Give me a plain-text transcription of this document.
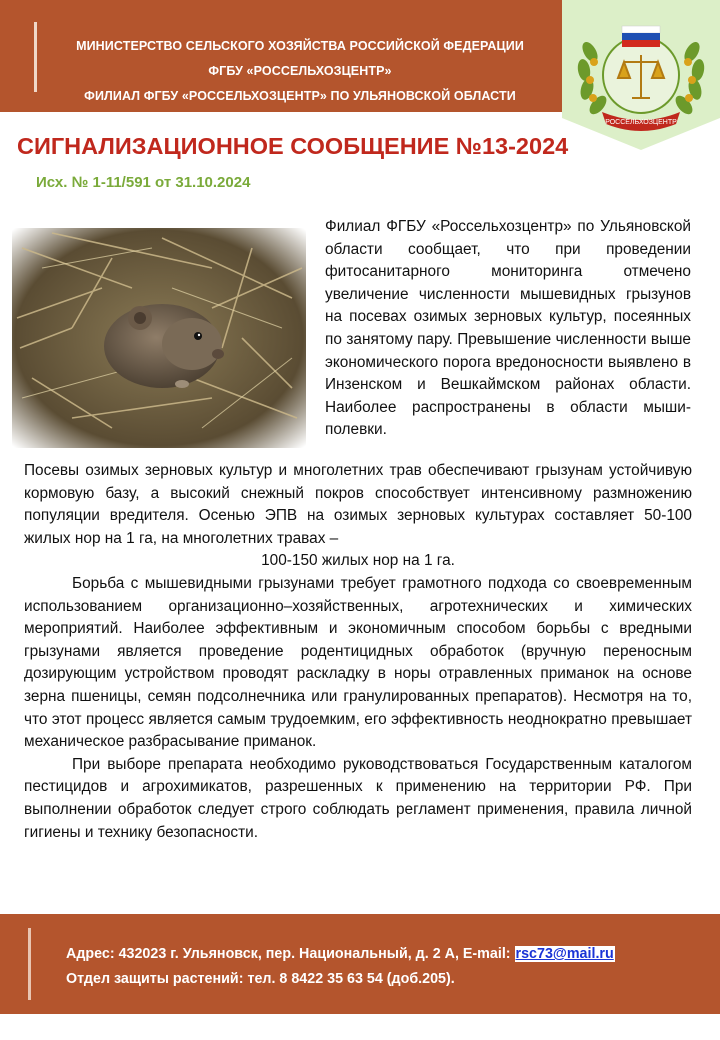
МИНИСТЕРСТВО СЕЛЬСКОГО ХОЗЯЙСТВА РОССИЙСКОЙ ФЕДЕРАЦИИ
ФГБУ «РОССЕЛЬХОЗЦЕНТР»
ФИЛИАЛ ФГБУ «РОССЕЛЬХОЗЦЕНТР» ПО УЛЬЯНОВСКОЙ ОБЛАСТИ
РОССЕЛЬХОЗЦЕНТР
СИГНАЛИЗАЦИОННОЕ СООБЩЕНИЕ №13-2024
Исх. № 1-11/591 от 31.10.2024

Филиал ФГБУ «Россельхозцентр» по Ульяновской области сообщает, что при проведении фитосанитарного мониторинга отмечено увеличение численности мышевидных грызунов на посевах озимых зерновых культур, посеянных по занятому пару. Превышение численности выше экономического порога вредоносности выявлено в Инзенском и Вешкаймском районах области. Наиболее распространены в области мыши-полевки.

Посевы озимых зерновых культур и многолетних трав обеспечивают грызунам устойчивую кормовую базу, а высокий снежный покров способствует интенсивному размножению популяции вредителя. Осенью ЭПВ на озимых зерновых культурах составляет 50-100 жилых нор на 1 га, на многолетних травах –

100-150 жилых нор на 1 га.

Борьба с мышевидными грызунами требует грамотного подхода со своевременным использованием организационно–хозяйственных, агротехнических и химических мероприятий. Наиболее эффективным и экономичным способом борьбы с вредными грызунами является проведение родентицидных обработок (вручную переносным дозирующим устройством проводят раскладку в норы отравленных приманок на основе зерна пшеницы, семян подсолнечника или гранулированных препаратов). Несмотря на то, что этот процесс является самым трудоемким, его эффективность неоднократно превышает механическое разбрасывание приманок.

При выборе препарата необходимо руководствоваться Государственным каталогом пестицидов и агрохимикатов, разрешенных к применению на территории РФ. При выполнении обработок следует строго соблюдать регламент применения, правила личной гигиены и технику безопасности.

Адрес: 432023 г. Ульяновск, пер. Национальный, д. 2 А, E-mail: rsc73@mail.ru
Отдел защиты растений: тел. 8 8422 35 63 54 (доб.205).
